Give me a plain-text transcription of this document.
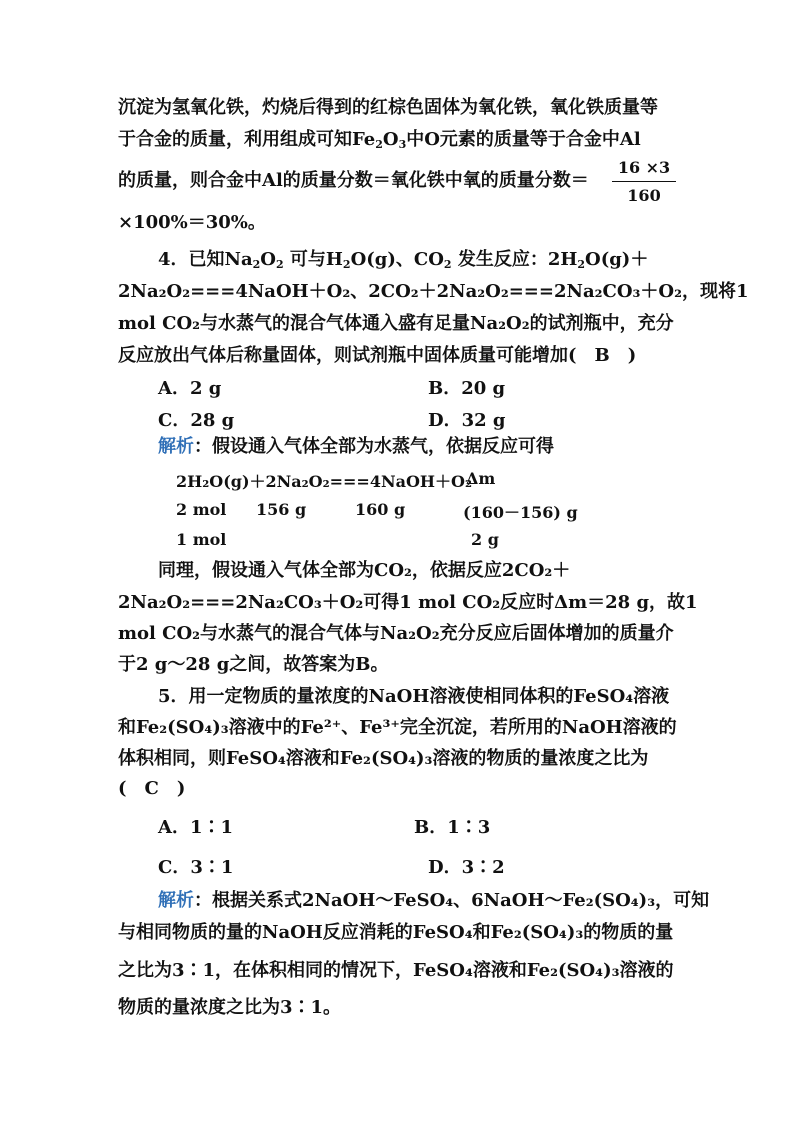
沉淀为氢氧化铁，灼烧后得到的红棕色固体为氧化铁，氧化铁质量等
于合金的质量，利用组成可知$Fe_2O_3$中O元素的质量等于合金中Al
的质量，则合金中Al的质量分数＝氧化铁中氧的质量分数＝
16 ×3
160
×100%＝30%。
4．已知$Na_2O_2$ 可与$H_2O(g)$、$CO_2$ 发生反应：$2H_2O(g)+$
2Na₂O₂===4NaOH＋O₂、2CO₂＋2Na₂O₂===2Na₂CO₃＋O₂，现将1
mol CO₂与水蒸气的混合气体通入盛有足量Na₂O₂的试剂瓶中，充分
反应放出气体后称量固体，则试剂瓶中固体质量可能增加(　B　)
A．2 g	B．20 g
C．28 g	D．32 g
解析：假设通入气体全部为水蒸气，依据反应可得
2H₂O(g)＋2Na₂O₂===4NaOH＋O₂
Δm
2 mol 156 g	160 g	(160－156) g
1 mol	2 g
同理，假设通入气体全部为CO₂，依据反应2CO₂＋
2Na₂O₂===2Na₂CO₃＋O₂可得1 mol CO₂反应时Δm＝28 g，故1
mol CO₂与水蒸气的混合气体与Na₂O₂充分反应后固体增加的质量介
于2 g～28 g之间，故答案为B。
5．用一定物质的量浓度的NaOH溶液使相同体积的FeSO₄溶液
和Fe₂(SO₄)₃溶液中的Fe²⁺、Fe³⁺完全沉淀，若所用的NaOH溶液的
体积相同，则FeSO₄溶液和Fe₂(SO₄)₃溶液的物质的量浓度之比为
(　C　)
A．1∶1	B．1∶3
C．3∶1	D．3∶2
解析：根据关系式2NaOH～FeSO₄、6NaOH～Fe₂(SO₄)₃，可知
与相同物质的量的NaOH反应消耗的FeSO₄和Fe₂(SO₄)₃的物质的量
之比为3∶1，在体积相同的情况下，FeSO₄溶液和Fe₂(SO₄)₃溶液的
物质的量浓度之比为3∶1。
